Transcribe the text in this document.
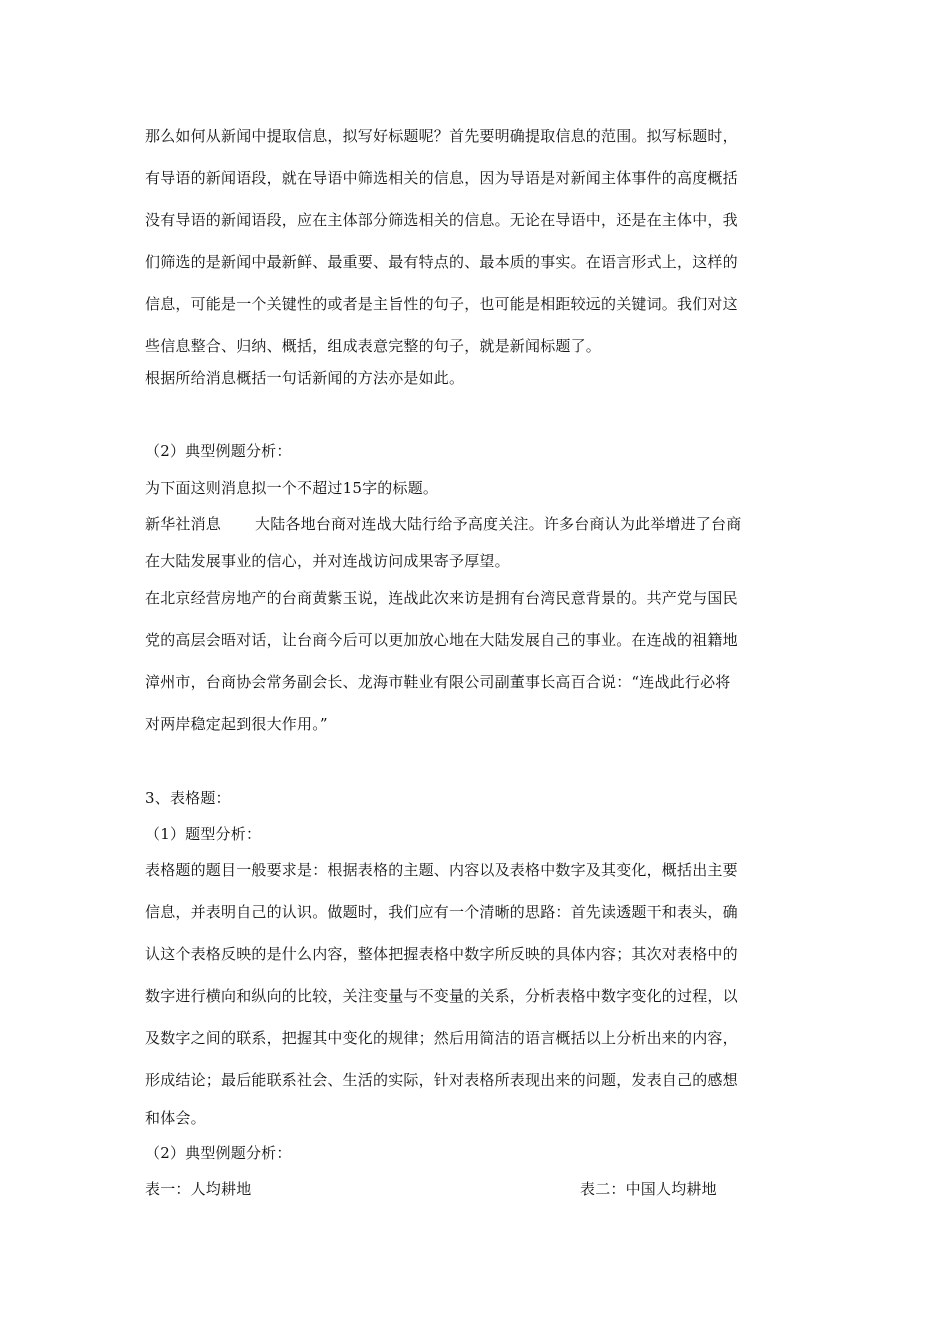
那么如何从新闻中提取信息，拟写好标题呢？首先要明确提取信息的范围。拟写标题时，
有导语的新闻语段，就在导语中筛选相关的信息，因为导语是对新闻主体事件的高度概括
没有导语的新闻语段，应在主体部分筛选相关的信息。无论在导语中，还是在主体中，我
们筛选的是新闻中最新鲜、最重要、最有特点的、最本质的事实。在语言形式上，这样的
信息，可能是一个关键性的或者是主旨性的句子，也可能是相距较远的关键词。我们对这
些信息整合、归纳、概括，组成表意完整的句子，就是新闻标题了。
根据所给消息概括一句话新闻的方法亦是如此。
（2）典型例题分析：
为下面这则消息拟一个不超过15字的标题。
新华社消息 大陆各地台商对连战大陆行给予高度关注。许多台商认为此举增进了台商
在大陆发展事业的信心，并对连战访问成果寄予厚望。
在北京经营房地产的台商黄紫玉说，连战此次来访是拥有台湾民意背景的。共产党与国民
党的高层会晤对话，让台商今后可以更加放心地在大陆发展自己的事业。在连战的祖籍地
漳州市，台商协会常务副会长、龙海市鞋业有限公司副董事长高百合说：“连战此行必将
对两岸稳定起到很大作用。”
3、表格题：
（1）题型分析：
表格题的题目一般要求是：根据表格的主题、内容以及表格中数字及其变化，概括出主要
信息，并表明自己的认识。做题时，我们应有一个清晰的思路：首先读透题干和表头，确
认这个表格反映的是什么内容，整体把握表格中数字所反映的具体内容；其次对表格中的
数字进行横向和纵向的比较，关注变量与不变量的关系，分析表格中数字变化的过程，以
及数字之间的联系，把握其中变化的规律；然后用简洁的语言概括以上分析出来的内容，
形成结论；最后能联系社会、生活的实际，针对表格所表现出来的问题，发表自己的感想
和体会。
（2）典型例题分析：
表一：人均耕地	表二：中国人均耕地
